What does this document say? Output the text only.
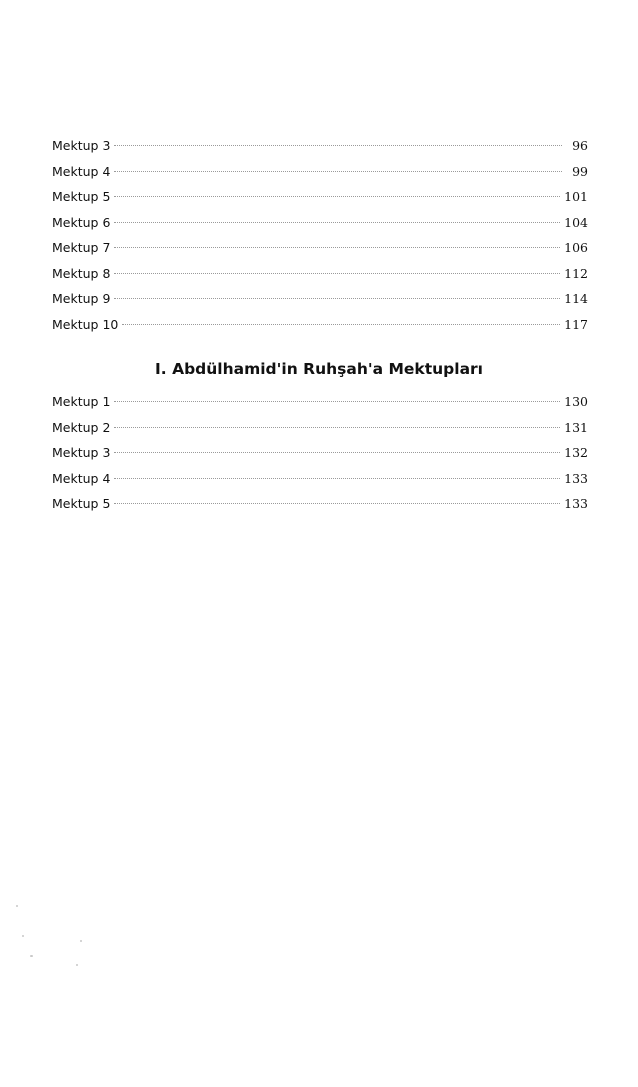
Mektup 3	96
Mektup 4	99
Mektup 5	101
Mektup 6	104
Mektup 7	106
Mektup 8	112
Mektup 9	114
Mektup 10	117
I. Abdülhamid'in Ruhşah'a Mektupları
Mektup 1	130
Mektup 2	131
Mektup 3	132
Mektup 4	133
Mektup 5	133
